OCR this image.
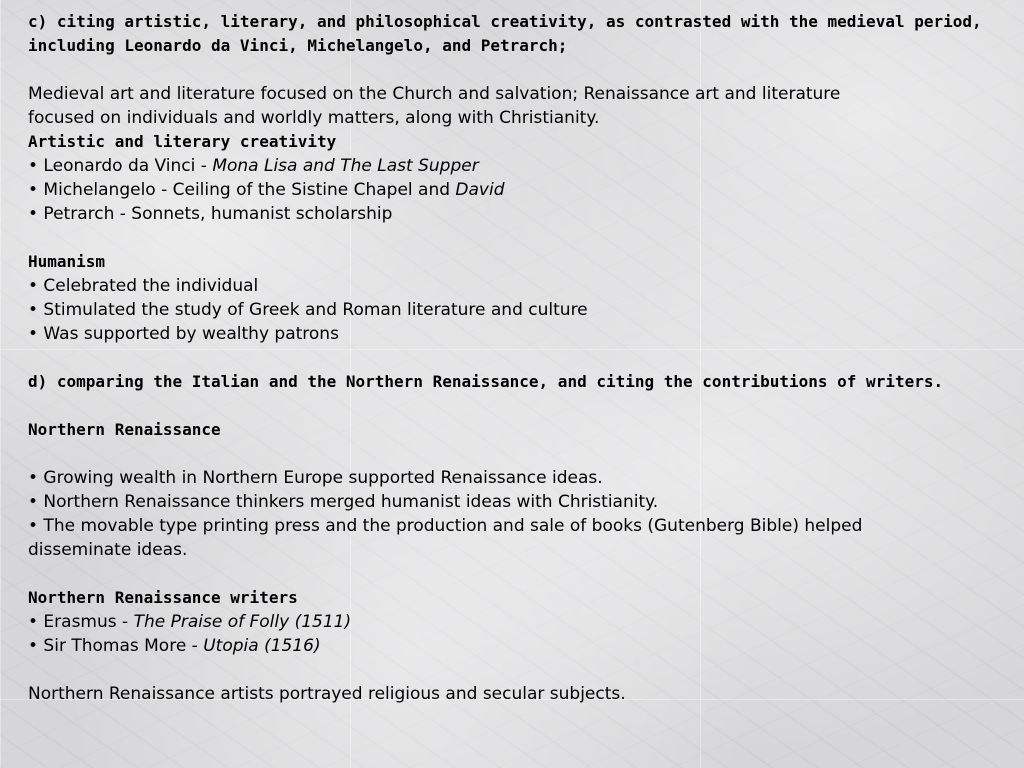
c) citing artistic, literary, and philosophical creativity, as contrasted with the medieval period,
including Leonardo da Vinci, Michelangelo, and Petrarch;
Medieval art and literature focused on the Church and salvation; Renaissance art and literature
focused on individuals and worldly matters, along with Christianity.
Artistic and literary creativity
• Leonardo da Vinci - Mona Lisa and The Last Supper
• Michelangelo - Ceiling of the Sistine Chapel and David
• Petrarch - Sonnets, humanist scholarship
Humanism
• Celebrated the individual
• Stimulated the study of Greek and Roman literature and culture
• Was supported by wealthy patrons
d) comparing the Italian and the Northern Renaissance, and citing the contributions of writers.
Northern Renaissance
• Growing wealth in Northern Europe supported Renaissance ideas.
• Northern Renaissance thinkers merged humanist ideas with Christianity.
• The movable type printing press and the production and sale of books (Gutenberg Bible) helped
disseminate ideas.
Northern Renaissance writers
• Erasmus - The Praise of Folly (1511)
• Sir Thomas More - Utopia (1516)
Northern Renaissance artists portrayed religious and secular subjects.
